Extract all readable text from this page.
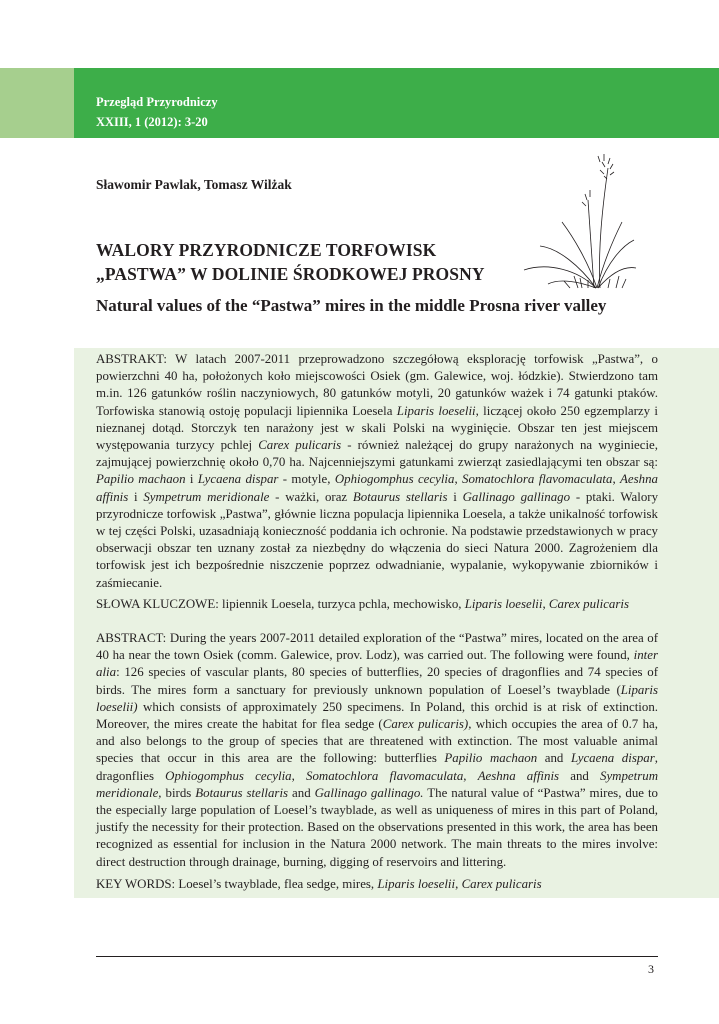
Przegląd Przyrodniczy
XXIII, 1 (2012): 3-20
Sławomir Pawlak, Tomasz Wilżak
WALORY PRZYRODNICZE TORFOWISK
„PASTWA” W DOLINIE ŚRODKOWEJ PROSNY
Natural values of the “Pastwa” mires in the middle Prosna river valley

ABSTRAKT: W latach 2007-2011 przeprowadzono szczegółową eksplorację torfowisk „Pastwa”, o powierzchni 40 ha, położonych koło miejscowości Osiek (gm. Galewice, woj. łódzkie). Stwierdzono tam m.in. 126 gatunków roślin naczyniowych, 80 gatunków motyli, 20 gatunków ważek i 74 gatunki ptaków. Torfowiska stanowią ostoję populacji lipiennika Loesela Liparis loeselii, liczącej około 250 egzemplarzy i nieznanej dotąd. Storczyk ten narażony jest w skali Polski na wyginięcie. Obszar ten jest miejscem występowania turzycy pchlej Carex pulicaris - również należącej do grupy narażonych na wyginiecie, zajmującej powierzchnię około 0,70 ha. Najcenniejszymi gatunkami zwierząt zasiedlającymi ten obszar są: Papilio machaon i Lycaena dispar - motyle, Ophiogomphus cecylia, Somatochlora flavomaculata, Aeshna affinis i Sympetrum meridionale - ważki, oraz Botaurus stellaris i Gallinago gallinago - ptaki. Walory przyrodnicze torfowisk „Pastwa”, głównie liczna populacja lipiennika Loesela, a także unikalność torfowisk w tej części Polski, uzasadniają konieczność poddania ich ochronie. Na podstawie przedstawionych w pracy obserwacji obszar ten uznany został za niezbędny do włączenia do sieci Natura 2000. Zagrożeniem dla torfowisk jest ich bezpośrednie niszczenie poprzez odwadnianie, wypalanie, wykopywanie zbiorników i zaśmiecanie.

SŁOWA KLUCZOWE: lipiennik Loesela, turzyca pchla, mechowisko, Liparis loeselii, Carex pulicaris

ABSTRACT: During the years 2007-2011 detailed exploration of the “Pastwa” mires, located on the area of 40 ha near the town Osiek (comm. Galewice, prov. Lodz), was carried out. The following were found, inter alia: 126 species of vascular plants, 80 species of butterflies, 20 species of dragonflies and 74 species of birds. The mires form a sanctuary for previously unknown population of Loesel’s twayblade (Liparis loeselii) which consists of approximately 250 specimens. In Poland, this orchid is at risk of extinction. Moreover, the mires create the habitat for flea sedge (Carex pulicaris), which occupies the area of 0.7 ha, and also belongs to the group of species that are threatened with extinction. The most valuable animal species that occur in this area are the following: butterflies Papilio machaon and Lycaena dispar, dragonflies Ophiogomphus cecylia, Somatochlora flavomaculata, Aeshna affinis and Sympetrum meridionale, birds Botaurus stellaris and Gallinago gallinago. The natural value of “Pastwa” mires, due to the especially large population of Loesel’s twayblade, as well as uniqueness of mires in this part of Poland, justify the necessity for their protection. Based on the observations presented in this work, the area has been recognized as essential for inclusion in the Natura 2000 network. The main threats to the mires involve: direct destruction through drainage, burning, digging of reservoirs and littering.

KEY WORDS: Loesel’s twayblade, flea sedge, mires, Liparis loeselii, Carex pulicaris

3
